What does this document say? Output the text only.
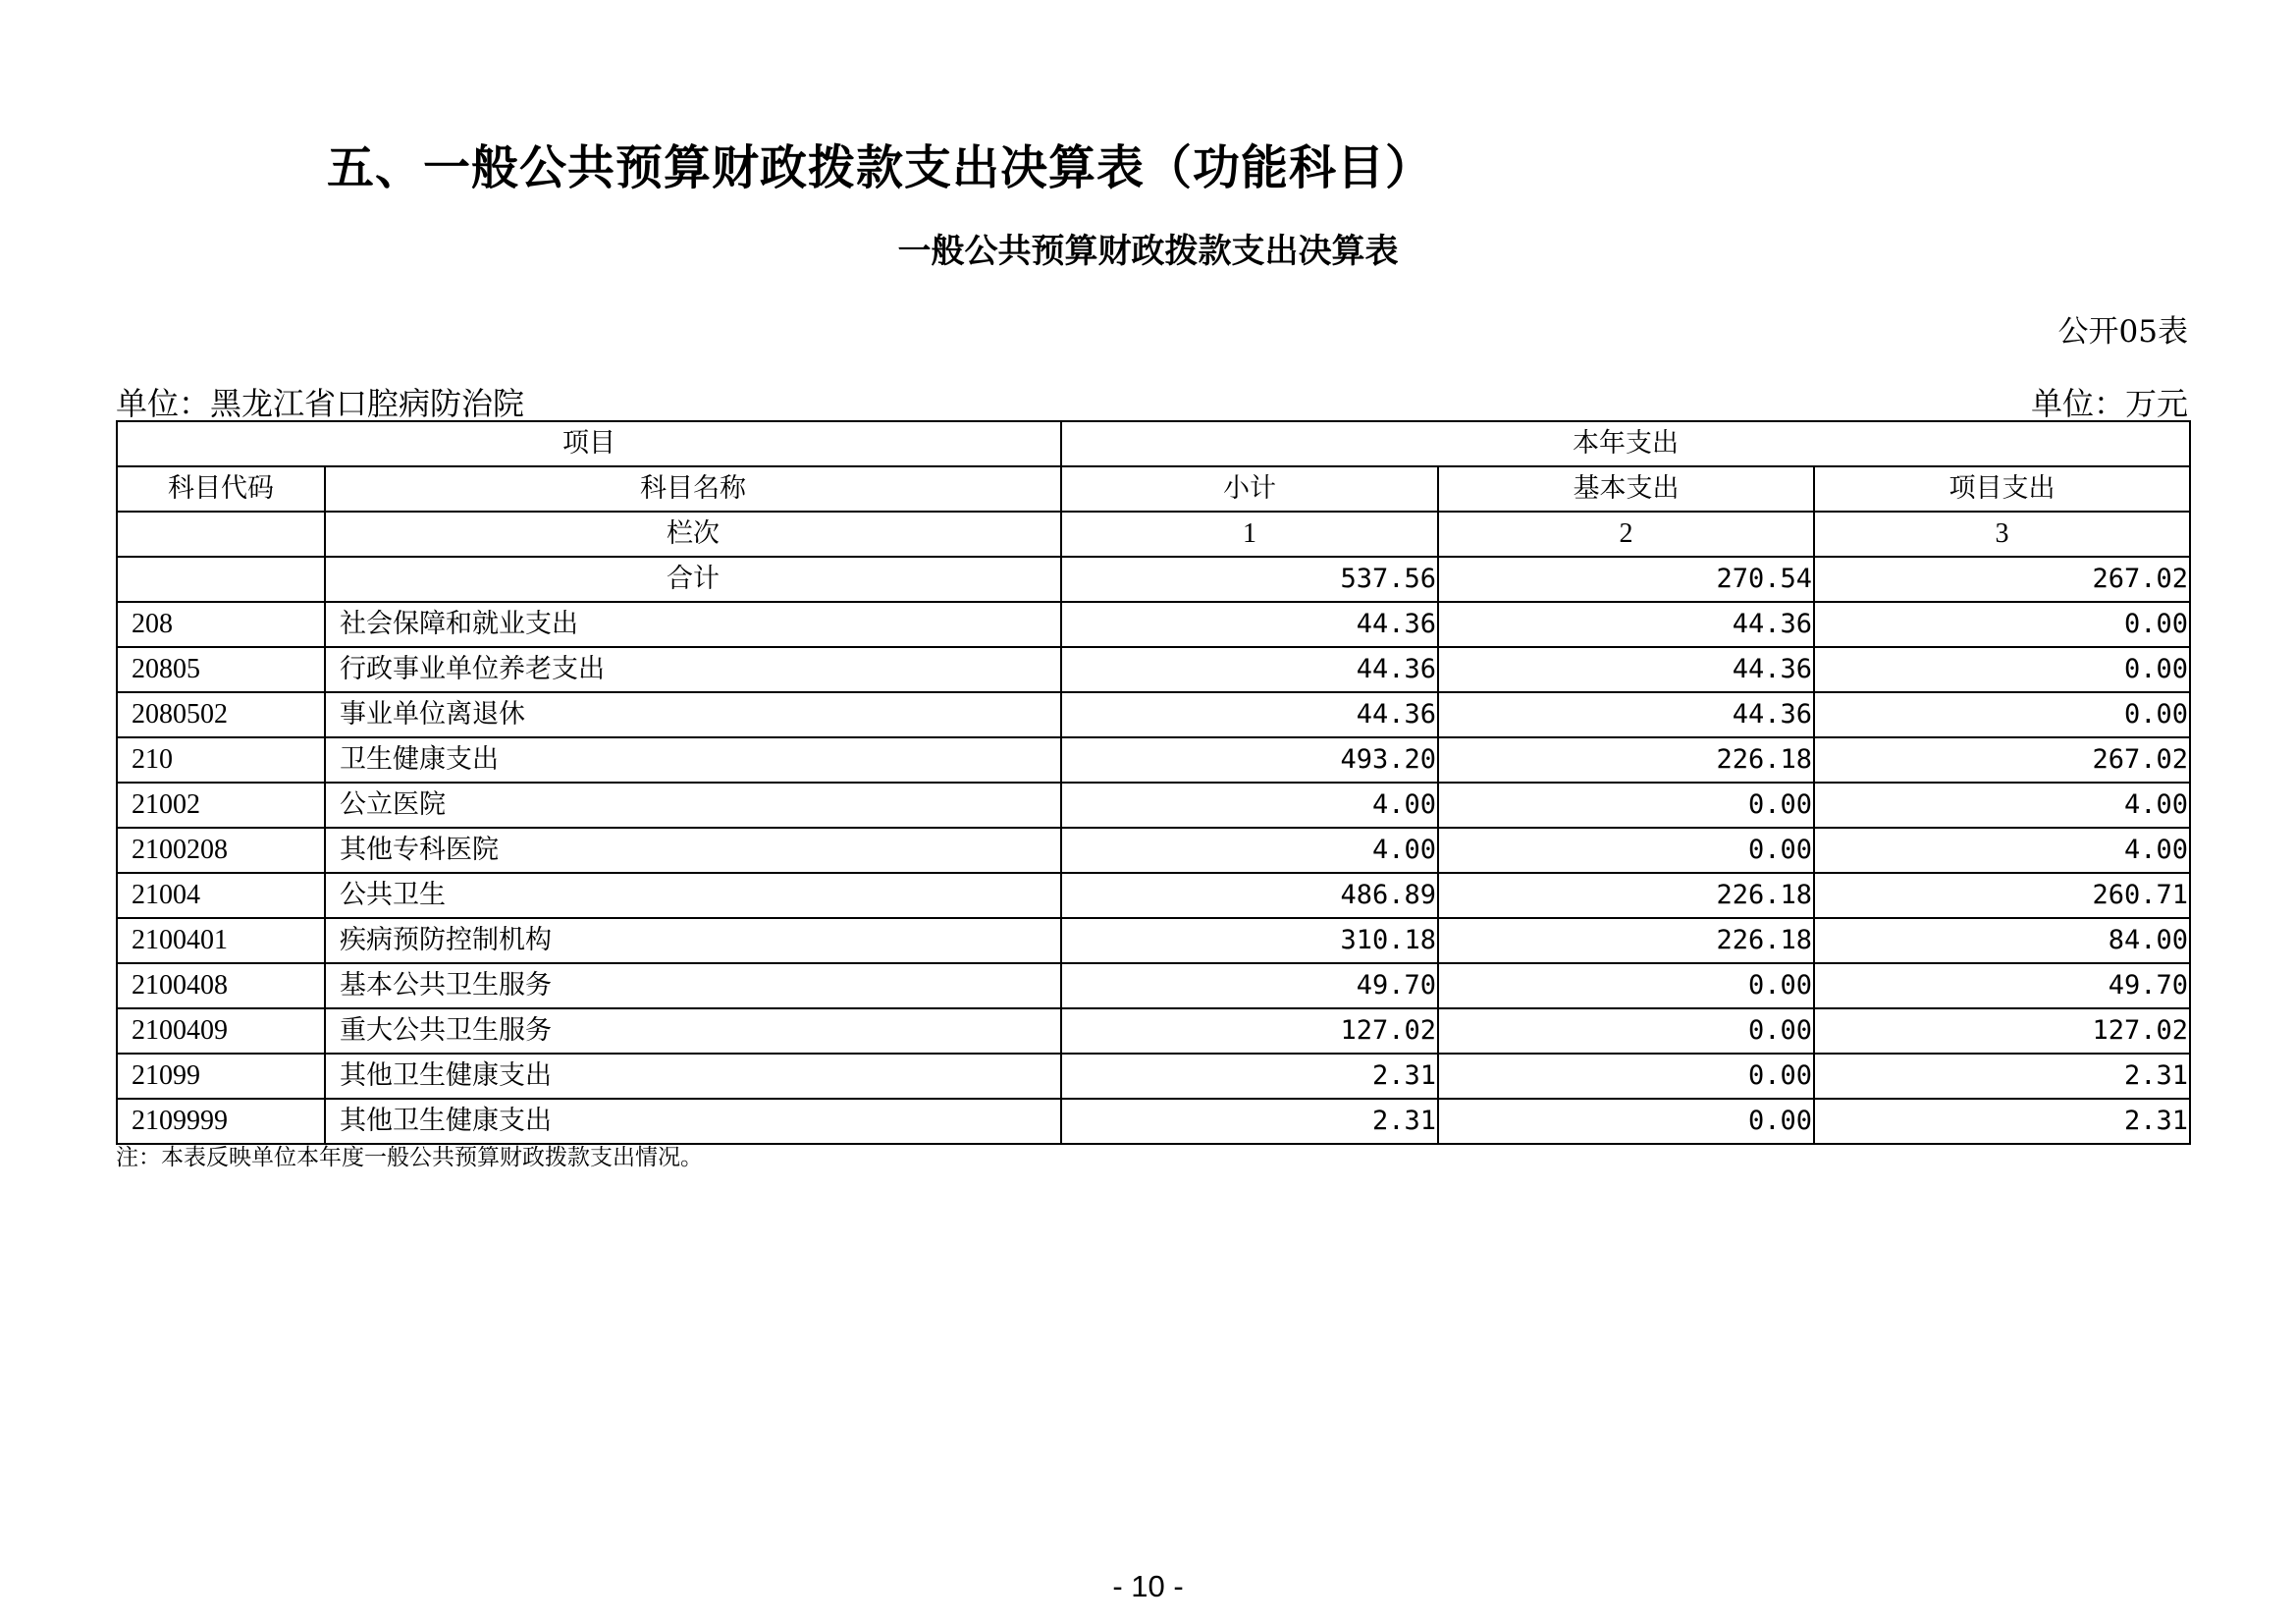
五、一般公共预算财政拨款支出决算表（功能科目）
一般公共预算财政拨款支出决算表
公开05表
单位：黑龙江省口腔病防治院	单位：万元
项目		本年支出		
科目代码	科目名称	小计	基本支出	项目支出
	栏次	1	2	3
	合计	537.56	270.54	267.02
208	社会保障和就业支出	44.36	44.36	0.00
20805	行政事业单位养老支出	44.36	44.36	0.00
2080502	事业单位离退休	44.36	44.36	0.00
210	卫生健康支出	493.20	226.18	267.02
21002	公立医院	4.00	0.00	4.00
2100208	其他专科医院	4.00	0.00	4.00
21004	公共卫生	486.89	226.18	260.71
2100401	疾病预防控制机构	310.18	226.18	84.00
2100408	基本公共卫生服务	49.70	0.00	49.70
2100409	重大公共卫生服务	127.02	0.00	127.02
21099	其他卫生健康支出	2.31	0.00	2.31
2109999	其他卫生健康支出	2.31	0.00	2.31
注：本表反映单位本年度一般公共预算财政拨款支出情况。
- 10 -
